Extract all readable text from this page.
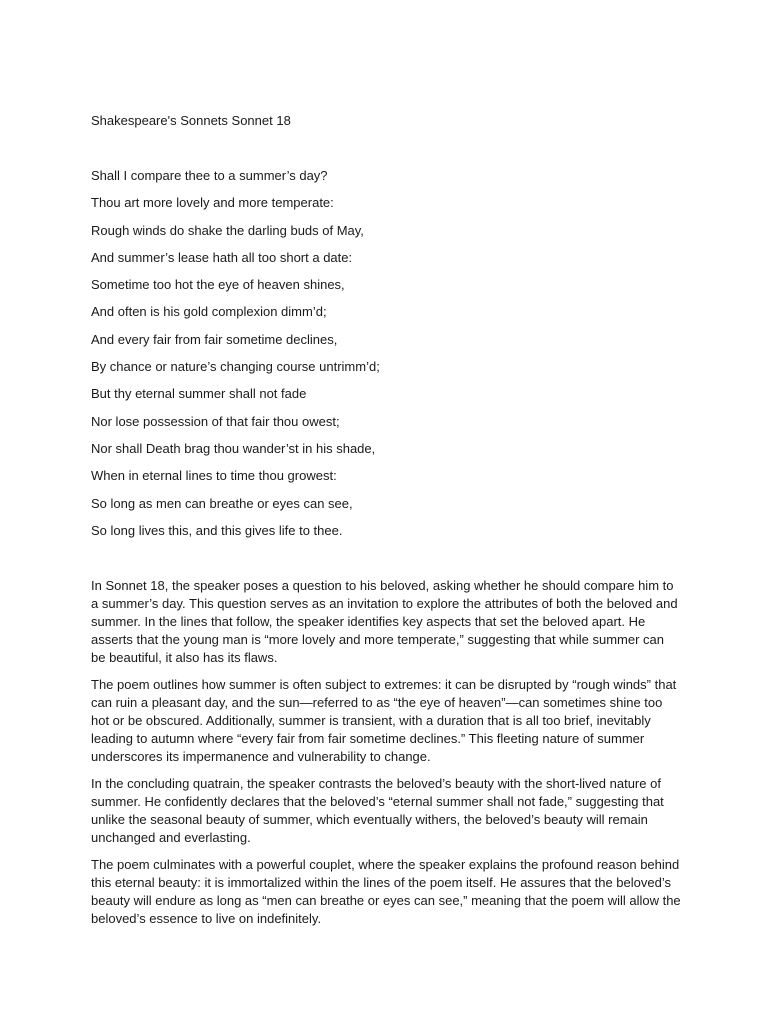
Shakespeare's Sonnets Sonnet 18
Shall I compare thee to a summer’s day?
Thou art more lovely and more temperate:
Rough winds do shake the darling buds of May,
And summer’s lease hath all too short a date:
Sometime too hot the eye of heaven shines,
And often is his gold complexion dimm’d;
And every fair from fair sometime declines,
By chance or nature’s changing course untrimm’d;
But thy eternal summer shall not fade
Nor lose possession of that fair thou owest;
Nor shall Death brag thou wander’st in his shade,
When in eternal lines to time thou growest:
So long as men can breathe or eyes can see,
So long lives this, and this gives life to thee.

In Sonnet 18, the speaker poses a question to his beloved, asking whether he should compare him to a summer’s day. This question serves as an invitation to explore the attributes of both the beloved and summer. In the lines that follow, the speaker identifies key aspects that set the beloved apart. He asserts that the young man is “more lovely and more temperate,” suggesting that while summer can be beautiful, it also has its flaws.

The poem outlines how summer is often subject to extremes: it can be disrupted by “rough winds” that can ruin a pleasant day, and the sun—referred to as “the eye of heaven”—can sometimes shine too hot or be obscured. Additionally, summer is transient, with a duration that is all too brief, inevitably leading to autumn where “every fair from fair sometime declines.” This fleeting nature of summer underscores its impermanence and vulnerability to change.

In the concluding quatrain, the speaker contrasts the beloved’s beauty with the short-lived nature of summer. He confidently declares that the beloved’s “eternal summer shall not fade,” suggesting that unlike the seasonal beauty of summer, which eventually withers, the beloved’s beauty will remain unchanged and everlasting.

The poem culminates with a powerful couplet, where the speaker explains the profound reason behind this eternal beauty: it is immortalized within the lines of the poem itself. He assures that the beloved’s beauty will endure as long as “men can breathe or eyes can see,” meaning that the poem will allow the beloved’s essence to live on indefinitely.
